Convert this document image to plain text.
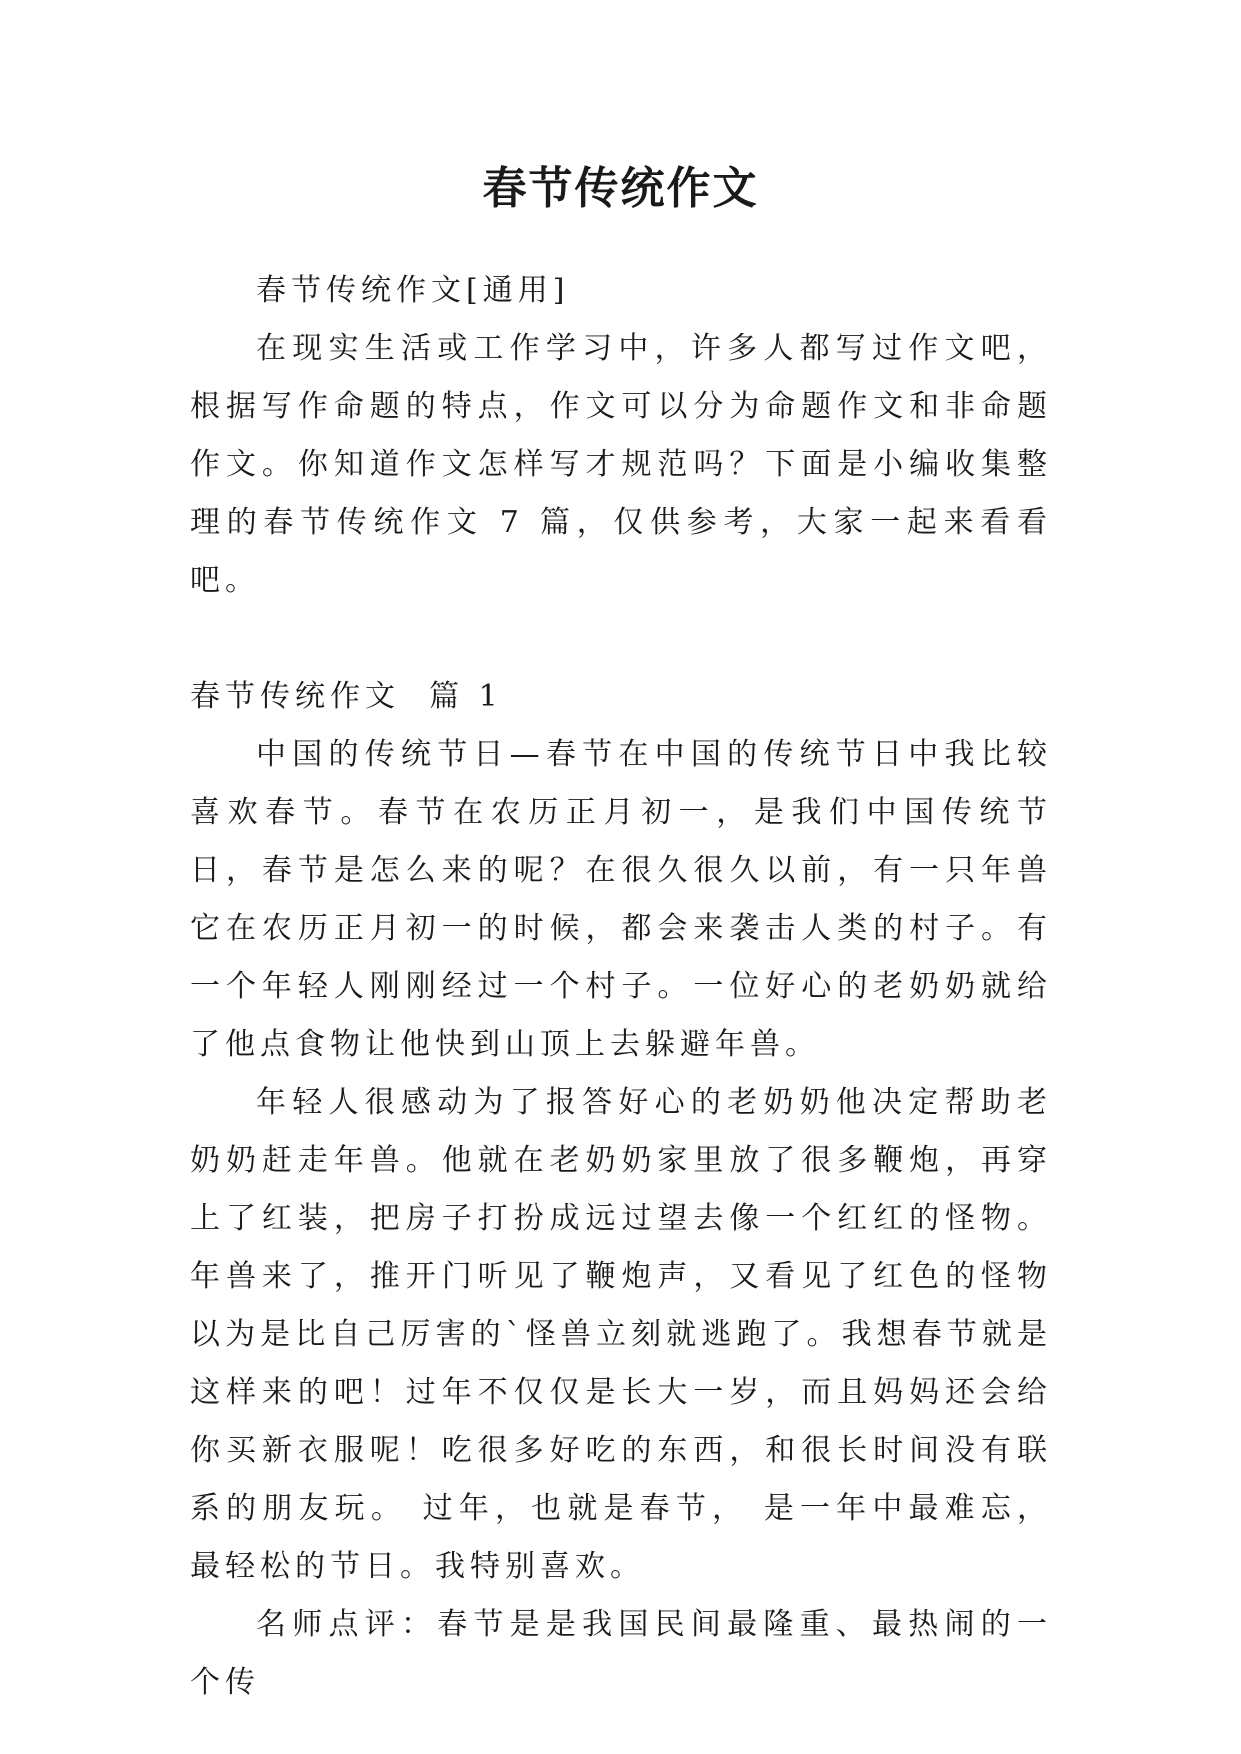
春节传统作文

春节传统作文[通用]

在现实生活或工作学习中，许多人都写过作文吧，根据写作命题的特点，作文可以分为命题作文和非命题作文。你知道作文怎样写才规范吗？下面是小编收集整理的春节传统作文 7 篇，仅供参考，大家一起来看看吧。

春节传统作文  篇 1

中国的传统节日—春节在中国的传统节日中我比较喜欢春节。春节在农历正月初一，是我们中国传统节日，春节是怎么来的呢？在很久很久以前，有一只年兽它在农历正月初一的时候，都会来袭击人类的村子。有一个年轻人刚刚经过一个村子。一位好心的老奶奶就给了他点食物让他快到山顶上去躲避年兽。

年轻人很感动为了报答好心的老奶奶他决定帮助老奶奶赶走年兽。他就在老奶奶家里放了很多鞭炮，再穿上了红装，把房子打扮成远过望去像一个红红的怪物。年兽来了，推开门听见了鞭炮声，又看见了红色的怪物以为是比自己厉害的`怪兽立刻就逃跑了。我想春节就是这样来的吧！过年不仅仅是长大一岁，而且妈妈还会给你买新衣服呢！吃很多好吃的东西，和很长时间没有联系的朋友玩。 过年，也就是春节， 是一年中最难忘，最轻松的节日。我特别喜欢。

名师点评：春节是是我国民间最隆重、最热闹的一个传
